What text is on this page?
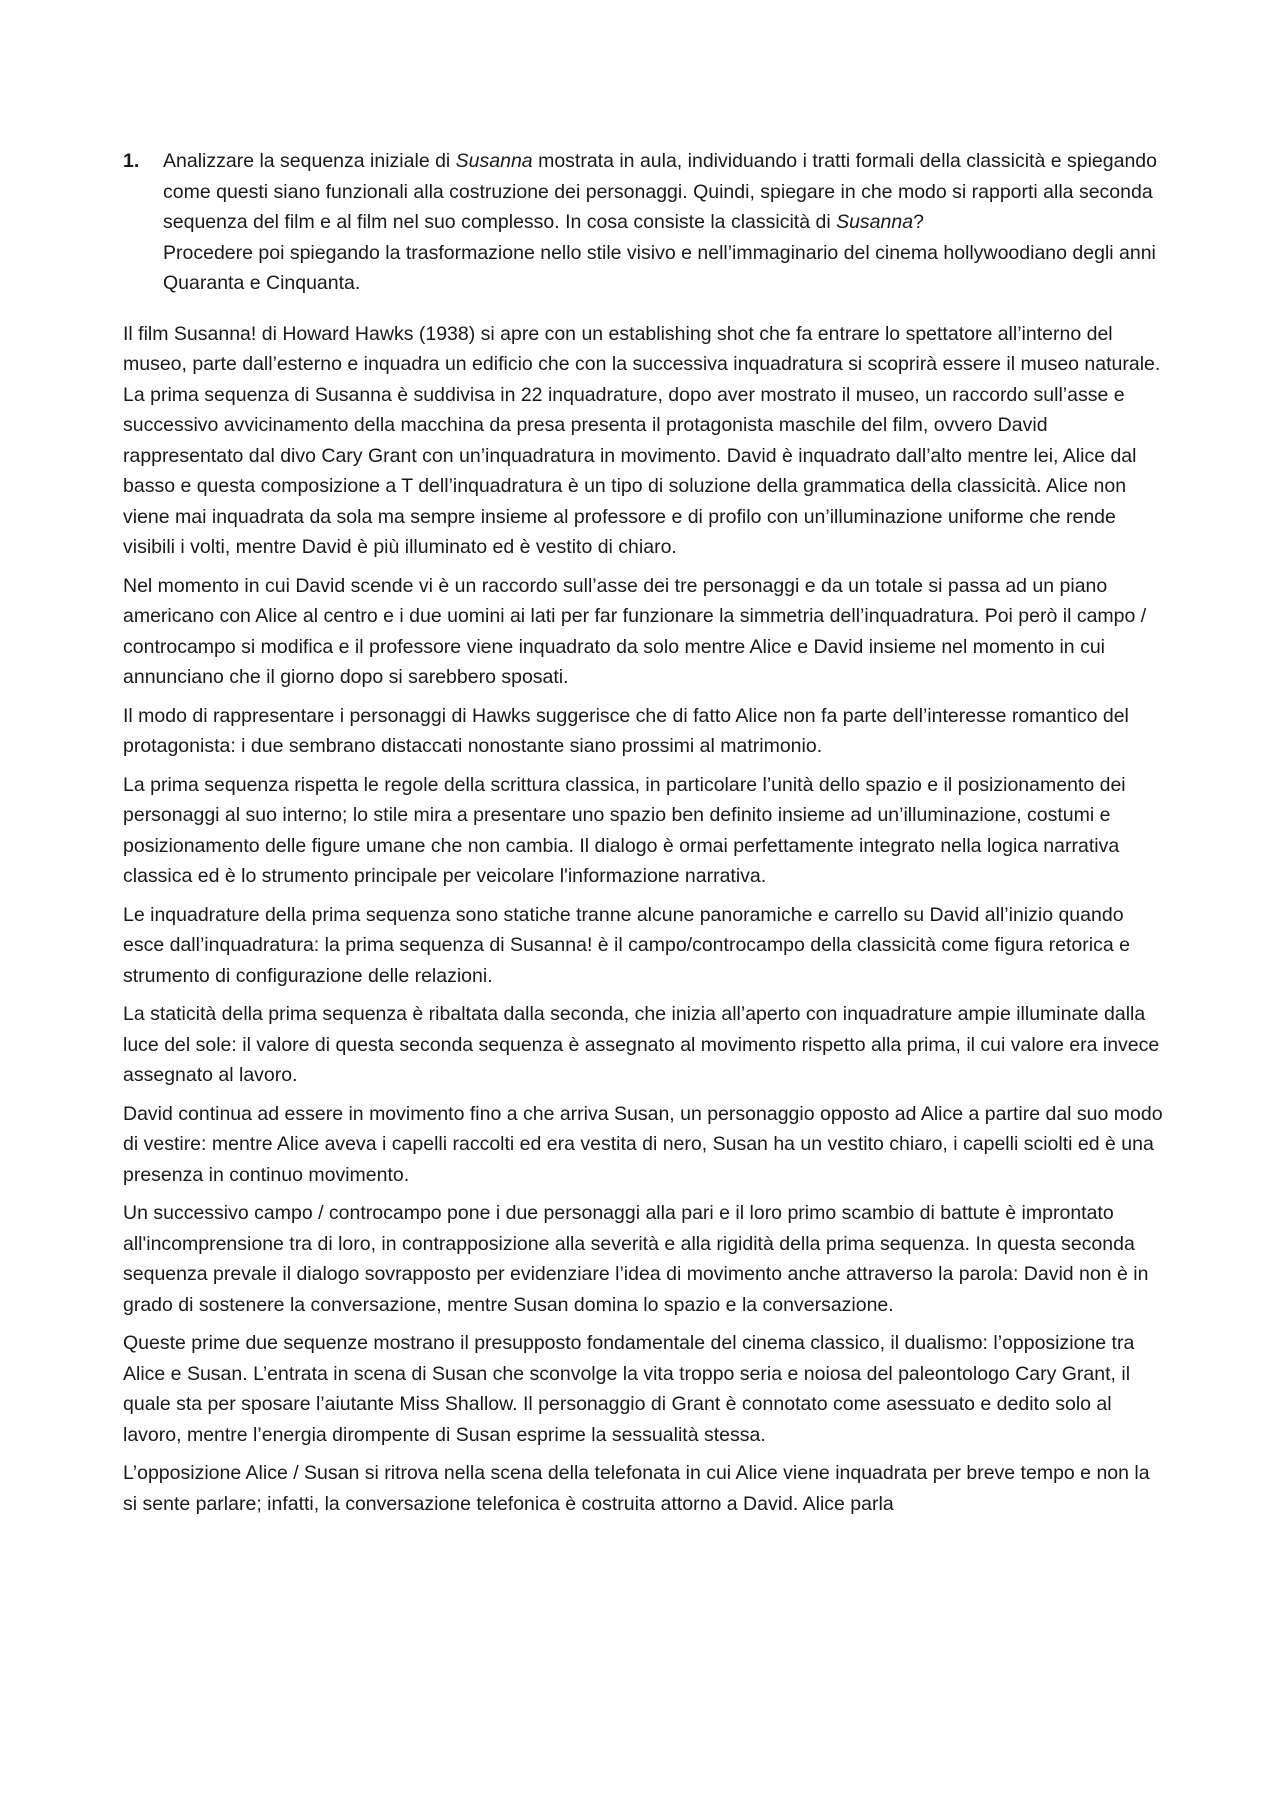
1. Analizzare la sequenza iniziale di Susanna mostrata in aula, individuando i tratti formali della classicità e spiegando come questi siano funzionali alla costruzione dei personaggi. Quindi, spiegare in che modo si rapporti alla seconda sequenza del film e al film nel suo complesso. In cosa consiste la classicità di Susanna?

Procedere poi spiegando la trasformazione nello stile visivo e nell’immaginario del cinema hollywoodiano degli anni Quaranta e Cinquanta.

Il film Susanna! di Howard Hawks (1938) si apre con un establishing shot che fa entrare lo spettatore all’interno del museo, parte dall’esterno e inquadra un edificio che con la successiva inquadratura si scoprirà essere il museo naturale. La prima sequenza di Susanna è suddivisa in 22 inquadrature, dopo aver mostrato il museo, un raccordo sull’asse e successivo avvicinamento della macchina da presa presenta il protagonista maschile del film, ovvero David rappresentato dal divo Cary Grant con un’inquadratura in movimento. David è inquadrato dall’alto mentre lei, Alice dal basso e questa composizione a T dell’inquadratura è un tipo di soluzione della grammatica della classicità. Alice non viene mai inquadrata da sola ma sempre insieme al professore e di profilo con un’illuminazione uniforme che rende visibili i volti, mentre David è più illuminato ed è vestito di chiaro.

Nel momento in cui David scende vi è un raccordo sull’asse dei tre personaggi e da un totale si passa ad un piano americano con Alice al centro e i due uomini ai lati per far funzionare la simmetria dell’inquadratura. Poi però il campo / controcampo si modifica e il professore viene inquadrato da solo mentre Alice e David insieme nel momento in cui annunciano che il giorno dopo si sarebbero sposati.

Il modo di rappresentare i personaggi di Hawks suggerisce che di fatto Alice non fa parte dell’interesse romantico del protagonista: i due sembrano distaccati nonostante siano prossimi al matrimonio.

La prima sequenza rispetta le regole della scrittura classica, in particolare l’unità dello spazio e il posizionamento dei personaggi al suo interno; lo stile mira a presentare uno spazio ben definito insieme ad un’illuminazione, costumi e posizionamento delle figure umane che non cambia. Il dialogo è ormai perfettamente integrato nella logica narrativa classica ed è lo strumento principale per veicolare l'informazione narrativa.

Le inquadrature della prima sequenza sono statiche tranne alcune panoramiche e carrello su David all’inizio quando esce dall’inquadratura: la prima sequenza di Susanna! è il campo/controcampo della classicità come figura retorica e strumento di configurazione delle relazioni.

La staticità della prima sequenza è ribaltata dalla seconda, che inizia all’aperto con inquadrature ampie illuminate dalla luce del sole: il valore di questa seconda sequenza è assegnato al movimento rispetto alla prima, il cui valore era invece assegnato al lavoro.

David continua ad essere in movimento fino a che arriva Susan, un personaggio opposto ad Alice a partire dal suo modo di vestire: mentre Alice aveva i capelli raccolti ed era vestita di nero, Susan ha un vestito chiaro, i capelli sciolti ed è una presenza in continuo movimento.

Un successivo campo / controcampo pone i due personaggi alla pari e il loro primo scambio di battute è improntato all'incomprensione tra di loro, in contrapposizione alla severità e alla rigidità della prima sequenza. In questa seconda sequenza prevale il dialogo sovrapposto per evidenziare l’idea di movimento anche attraverso la parola: David non è in grado di sostenere la conversazione, mentre Susan domina lo spazio e la conversazione.

Queste prime due sequenze mostrano il presupposto fondamentale del cinema classico, il dualismo: l’opposizione tra Alice e Susan. L’entrata in scena di Susan che sconvolge la vita troppo seria e noiosa del paleontologo Cary Grant, il quale sta per sposare l’aiutante Miss Shallow. Il personaggio di Grant è connotato come asessuato e dedito solo al lavoro, mentre l’energia dirompente di Susan esprime la sessualità stessa.

L’opposizione Alice / Susan si ritrova nella scena della telefonata in cui Alice viene inquadrata per breve tempo e non la si sente parlare; infatti, la conversazione telefonica è costruita attorno a David. Alice parla
